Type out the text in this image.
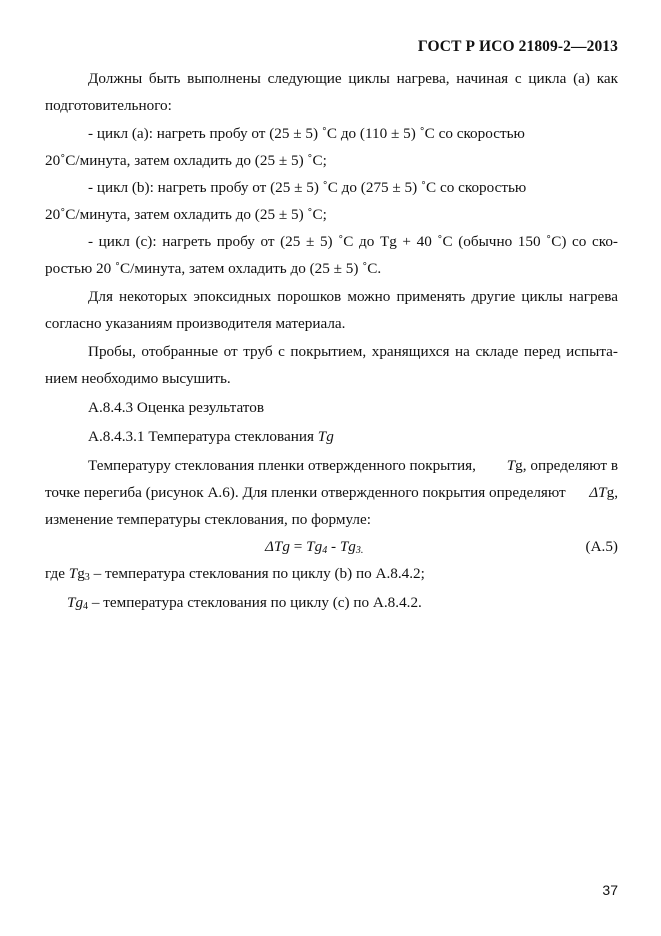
ГОСТ Р ИСО 21809-2—2013
Должны быть выполнены следующие циклы нагрева, начиная с цикла (а) как
подготовительного:
- цикл (а): нагреть пробу от (25 ± 5) ˚С до (110 ± 5) ˚С со скоростью
20˚С/минута, затем охладить до (25 ± 5) ˚С;
- цикл (b): нагреть пробу от (25 ± 5) ˚С до (275 ± 5) ˚С со скоростью
20˚С/минута, затем охладить до (25 ± 5) ˚С;
- цикл (с): нагреть пробу от (25 ± 5) ˚С до Tg + 40 ˚С (обычно 150 ˚С) со ско-
ростью 20 ˚С/минута, затем охладить до (25 ± 5) ˚С.
Для некоторых эпоксидных порошков можно применять другие циклы нагрева
согласно указаниям производителя материала.
Пробы, отобранные от труб с покрытием, хранящихся на складе перед испыта-
нием необходимо высушить.
А.8.4.3 Оценка результатов
А.8.4.3.1 Температура стеклования Tg
Температуру стеклования пленки отвержденного покрытия, Tg, определяют в
точке перегиба (рисунок А.6). Для пленки отвержденного покрытия определяют ΔTg,
изменение температуры стеклования, по формуле:
$\Delta Tg = Tg_4 - Tg_{3.}$	(А.5)
где $Tg_3$ – температура стеклования по циклу (b) по А.8.4.2;
$Tg_4$ – температура стеклования по циклу (с) по А.8.4.2.
37
